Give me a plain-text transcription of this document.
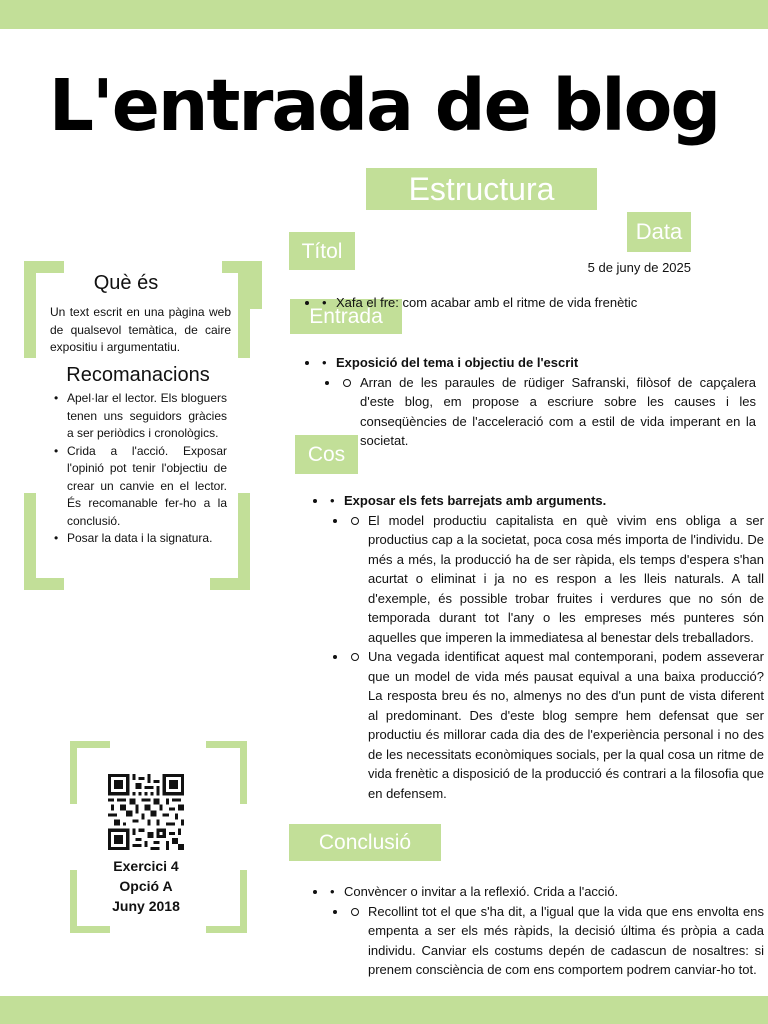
L'entrada de blog
Estructura
Data
Títol
Entrada
Cos
Conclusió
5 de juny de 2025
• • Xafa el fre: com acabar amb el ritme de vida frenètic
• • Exposició del tema i objectiu de l'escrit
• Arran de les paraules de rüdiger Safranski, filòsof de capçalera d'este blog, em propose a escriure sobre les causes i les conseqüències de l'acceleració com a estil de vida imperant en la societat.
• • Exposar els fets barrejats amb arguments.
• El model productiu capitalista en què vivim ens obliga a ser productius cap a la societat, poca cosa més importa de l'individu. De més a més, la producció ha de ser ràpida, els temps d'espera s'han acurtat o eliminat i ja no es respon a les lleis naturals. A tall d'exemple, és possible trobar fruites i verdures que no són de temporada durant tot l'any o les empreses més punteres són aquelles que imperen la immediatesa al benestar dels treballadors.
• Una vegada identificat aquest mal contemporani, podem asseverar que un model de vida més pausat equival a una baixa producció? La resposta breu és no, almenys no des d'un punt de vista diferent al predominant. Des d'este blog sempre hem defensat que ser productiu és millorar cada dia des de l'experiència personal i no des de les necessitats econòmiques socials, per la qual cosa un ritme de vida frenètic a disposició de la producció és contrari a la filosofia que en defensem.
• • Convèncer o invitar a la reflexió. Crida a l'acció.
• Recollint tot el que s'ha dit, a l'igual que la vida que ens envolta ens empenta a ser els més ràpids, la decisió última és pròpia a cada individu. Canviar els costums depén de cadascun de nosaltres: si prenem consciència de com ens comportem podrem canviar-ho tot.
Què és
Un text escrit en una pàgina web de qualsevol temàtica, de caire expositiu i argumentatiu.
Recomanacions
• Apel·lar el lector. Els bloguers tenen uns seguidors gràcies a ser periòdics i cronològics.
• Crida a l'acció. Exposar l'opinió pot tenir l'objectiu de crear un canvie en el lector. És recomanable fer-ho a la conclusió.
• Posar la data i la signatura.
Exercici 4
Opció A
Juny 2018
